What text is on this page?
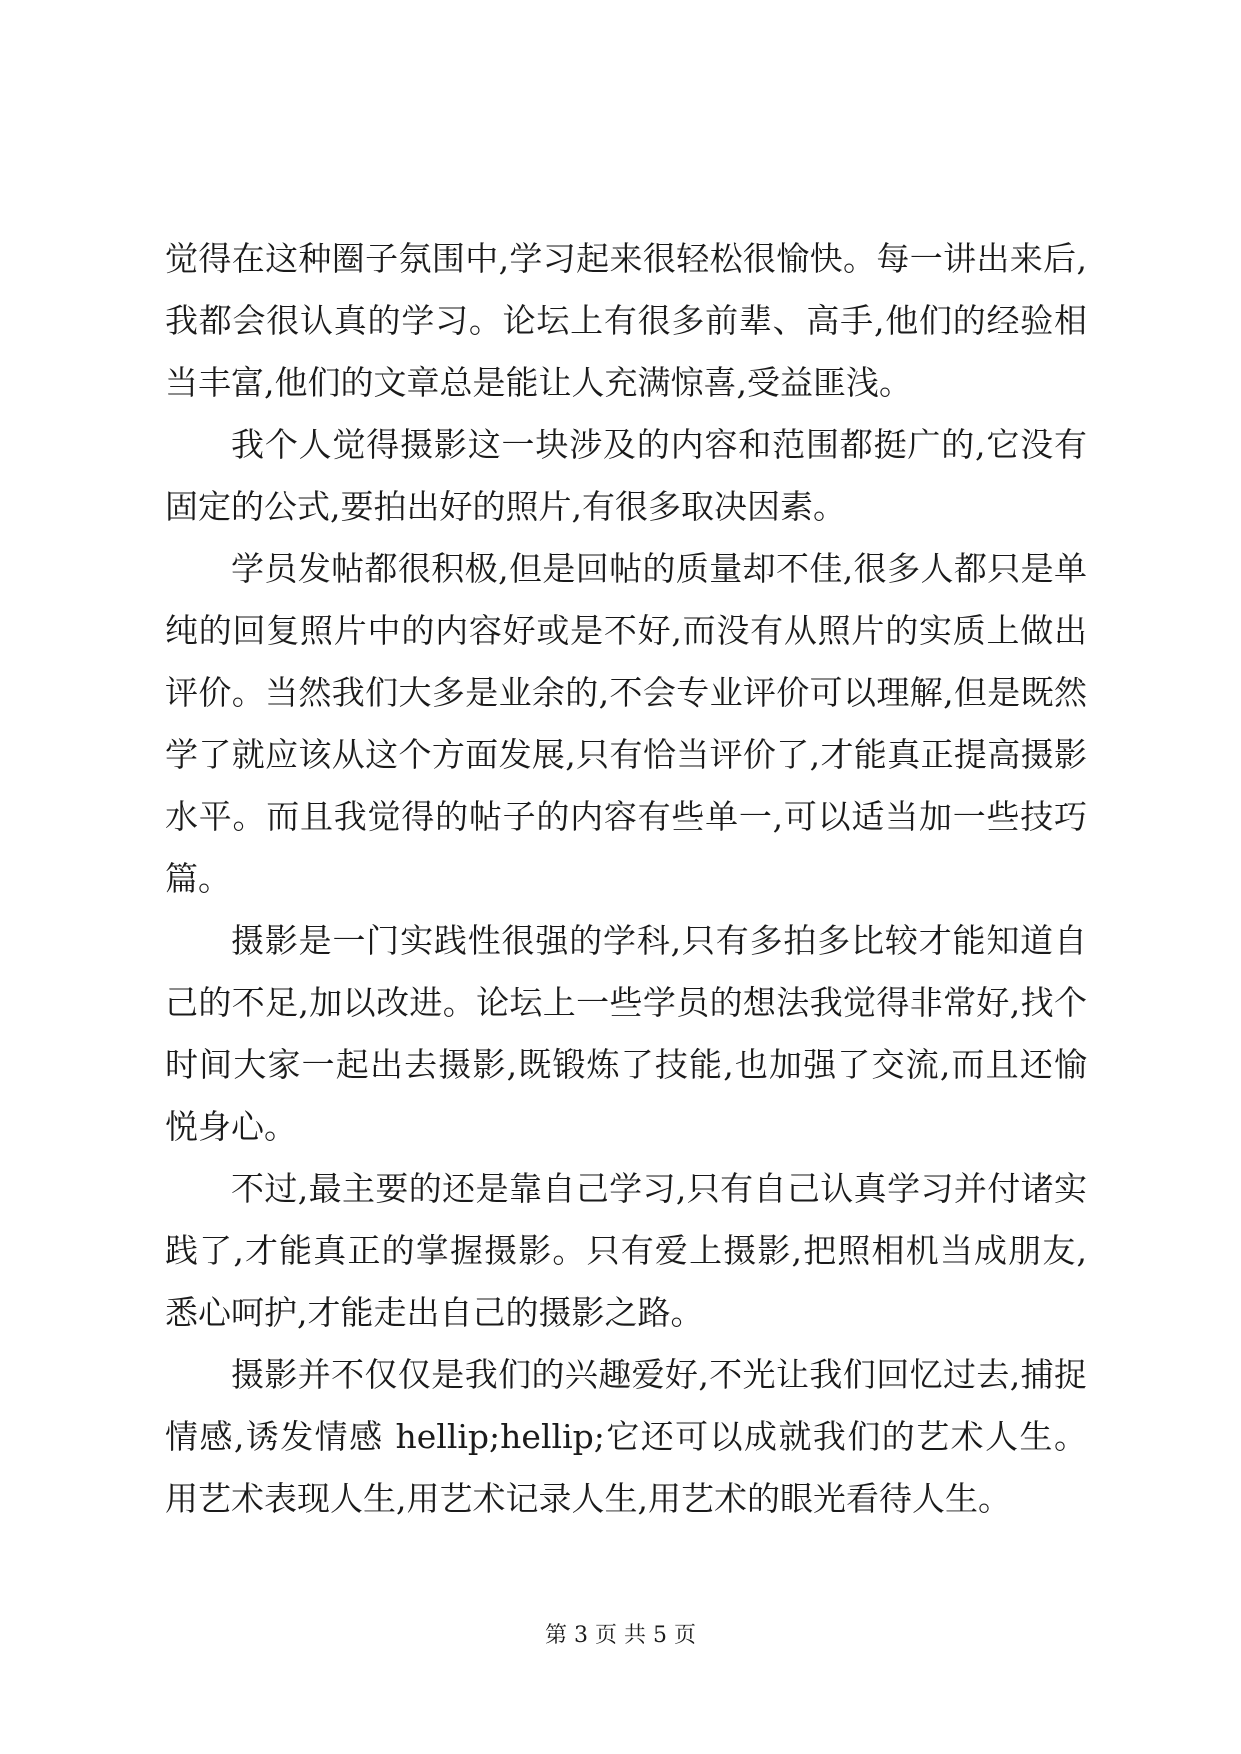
觉得在这种圈子氛围中,学习起来很轻松很愉快。每一讲出来后,我都会很认真的学习。论坛上有很多前辈、高手,他们的经验相当丰富,他们的文章总是能让人充满惊喜,受益匪浅。

我个人觉得摄影这一块涉及的内容和范围都挺广的,它没有固定的公式,要拍出好的照片,有很多取决因素。

学员发帖都很积极,但是回帖的质量却不佳,很多人都只是单纯的回复照片中的内容好或是不好,而没有从照片的实质上做出评价。当然我们大多是业余的,不会专业评价可以理解,但是既然学了就应该从这个方面发展,只有恰当评价了,才能真正提高摄影水平。而且我觉得的帖子的内容有些单一,可以适当加一些技巧篇。

摄影是一门实践性很强的学科,只有多拍多比较才能知道自己的不足,加以改进。论坛上一些学员的想法我觉得非常好,找个时间大家一起出去摄影,既锻炼了技能,也加强了交流,而且还愉悦身心。

不过,最主要的还是靠自己学习,只有自己认真学习并付诸实践了,才能真正的掌握摄影。只有爱上摄影,把照相机当成朋友,悉心呵护,才能走出自己的摄影之路。

摄影并不仅仅是我们的兴趣爱好,不光让我们回忆过去,捕捉情感,诱发情感 hellip;hellip;它还可以成就我们的艺术人生。用艺术表现人生,用艺术记录人生,用艺术的眼光看待人生。

第 3 页 共 5 页
